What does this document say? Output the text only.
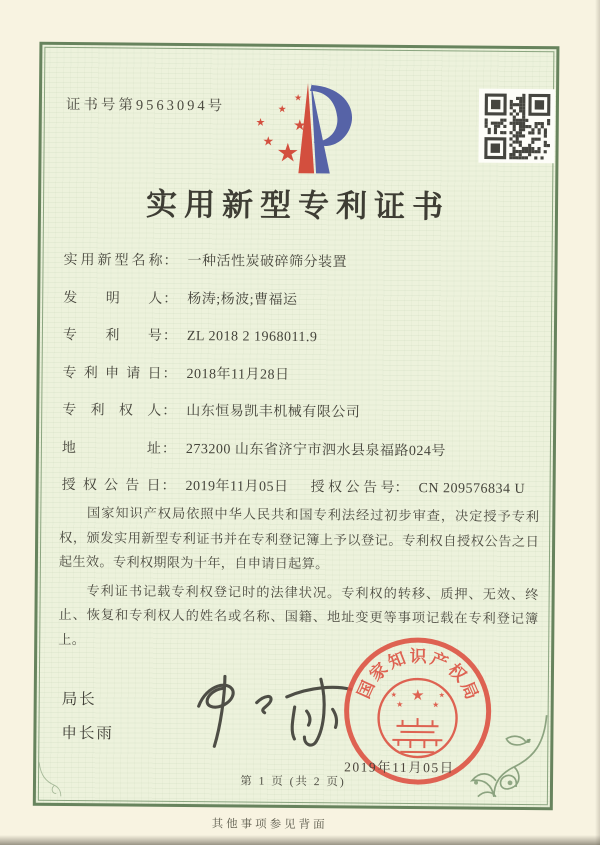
证书号第9563094号
★
★
★
★
★
★
实用新型专利证书
实用新型名称 ： 一种活性炭破碎筛分装置
发明人 ： 杨涛;杨波;曹福运
专利号 ： ZL 2018 2 1968011.9
专利申请日 ： 2018年11月28日
专利权人 ： 山东恒易凯丰机械有限公司
地址 ： 273200 山东省济宁市泗水县泉福路024号
授权公告日 ： 2019年11月05日 授权公告号 ： CN 209576834 U

国家知识产权局依照中华人民共和国专利法经过初步审查，决定授予专利权，颁发实用新型专利证书并在专利登记簿上予以登记。专利权自授权公告之日起生效。专利权期限为十年，自申请日起算。

专利证书记载专利权登记时的法律状况。专利权的转移、质押、无效、终止、恢复和专利权人的姓名或名称、国籍、地址变更等事项记载在专利登记簿上。

局长
申长雨
★
★	★
★	★
国
家
知 识 产
权
局
2019年11月05日
第 1 页 (共 2 页)
其他事项参见背面
